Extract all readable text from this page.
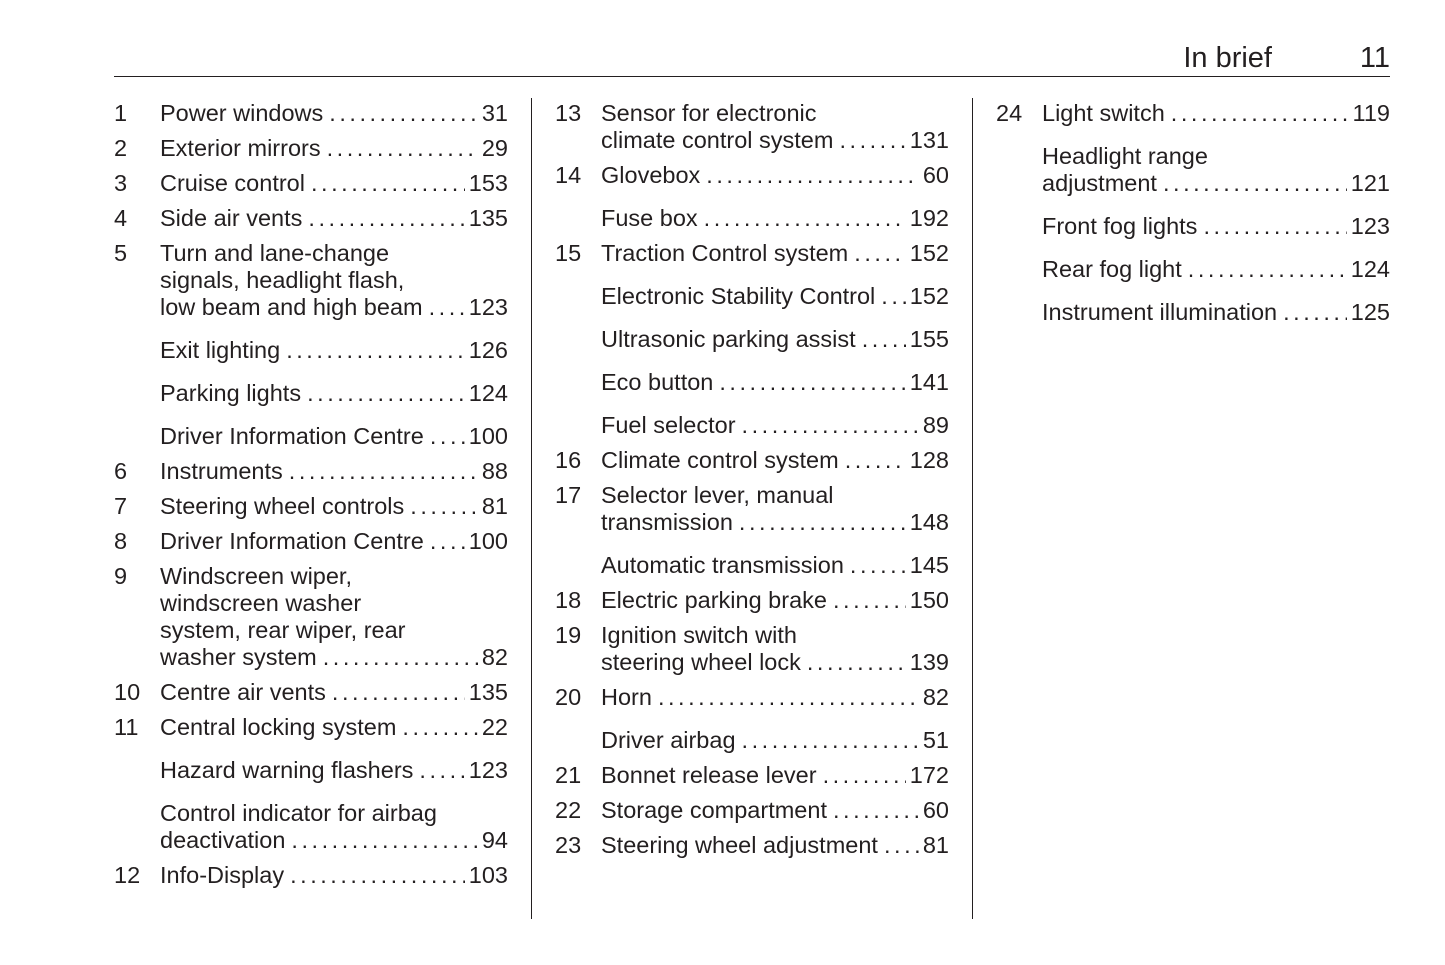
In brief	11
1 Power windows . . .	31
2 Exterior mirrors . . .	29
3 Cruise control . . .	153
4 Side air vents . . .	135
5 Turn and lane-change
signals, headlight flash,
low beam and high beam . . . 123
Exit lighting . . .	126
Parking lights . . .	124
Driver Information Centre . . . 100
6 Instruments . . .	88
7 Steering wheel controls . . .	81
8 Driver Information Centre . . . 100
9 Windscreen wiper,
windscreen washer
system, rear wiper, rear
washer system . . .	82
10 Centre air vents . . .	135
11 Central locking system . . .	22
Hazard warning flashers . . . 123
Control indicator for airbag
deactivation . . .	94
12 Info-Display . . .	103
13 Sensor for electronic
climate control system . . .	131
14 Glovebox . . .	60
Fuse box . . .	192
15 Traction Control system . . .	152
Electronic Stability Control . . . 152
Ultrasonic parking assist . . . 155
Eco button . . .	141
Fuel selector . . .	89
16 Climate control system . . .	128
17 Selector lever, manual
transmission . . .	148
Automatic transmission . . .	145
18 Electric parking brake . . .	150
19 Ignition switch with
steering wheel lock . . .	139
20 Horn . . .	82
Driver airbag . . .	51
21 Bonnet release lever . . .	172
22 Storage compartment . . .	60
23 Steering wheel adjustment . . . 81
24 Light switch . . .	119
Headlight range
adjustment . . .	121
Front fog lights . . .	123
Rear fog light . . .	124
Instrument illumination . . .	125
